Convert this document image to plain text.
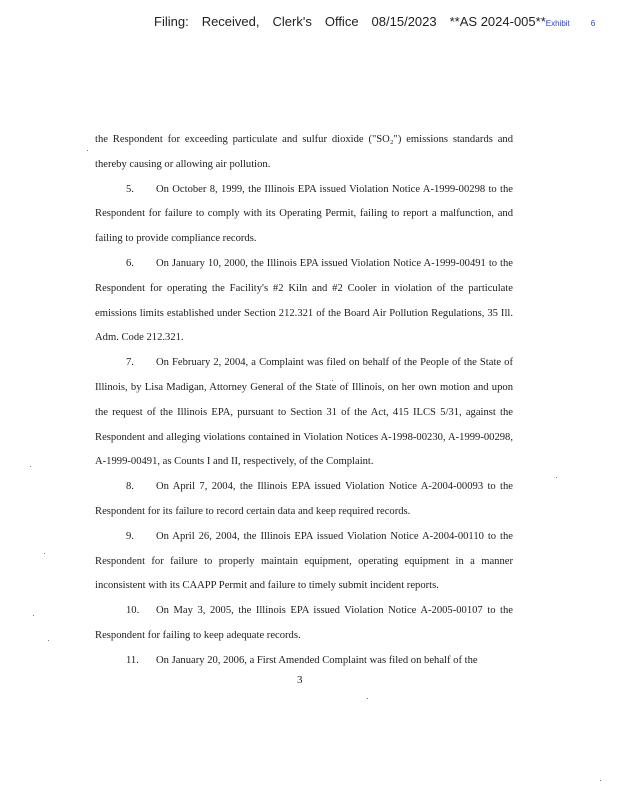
Filing: Received, Clerk's Office 08/15/2023 **AS 2024-005**Exhibit	6

the Respondent for exceeding particulate and sulfur dioxide ("SO₂") emissions standards and thereby causing or allowing air pollution.

5. On October 8, 1999, the Illinois EPA issued Violation Notice A-1999-00298 to the Respondent for failure to comply with its Operating Permit, failing to report a malfunction, and failing to provide compliance records.

6. On January 10, 2000, the Illinois EPA issued Violation Notice A-1999-00491 to the Respondent for operating the Facility's #2 Kiln and #2 Cooler in violation of the particulate emissions limits established under Section 212.321 of the Board Air Pollution Regulations, 35 Ill. Adm. Code 212.321.

7. On February 2, 2004, a Complaint was filed on behalf of the People of the State of Illinois, by Lisa Madigan, Attorney General of the State of Illinois, on her own motion and upon the request of the Illinois EPA, pursuant to Section 31 of the Act, 415 ILCS 5/31, against the Respondent and alleging violations contained in Violation Notices A-1998-00230, A-1999-00298, A-1999-00491, as Counts I and II, respectively, of the Complaint.

8. On April 7, 2004, the Illinois EPA issued Violation Notice A-2004-00093 to the Respondent for its failure to record certain data and keep required records.

9. On April 26, 2004, the Illinois EPA issued Violation Notice A-2004-00110 to the Respondent for failure to properly maintain equipment, operating equipment in a manner inconsistent with its CAAPP Permit and failure to timely submit incident reports.

10. On May 3, 2005, the Illinois EPA issued Violation Notice A-2005-00107 to the Respondent for failing to keep adequate records.

11. On January 20, 2006, a First Amended Complaint was filed on behalf of the

3
